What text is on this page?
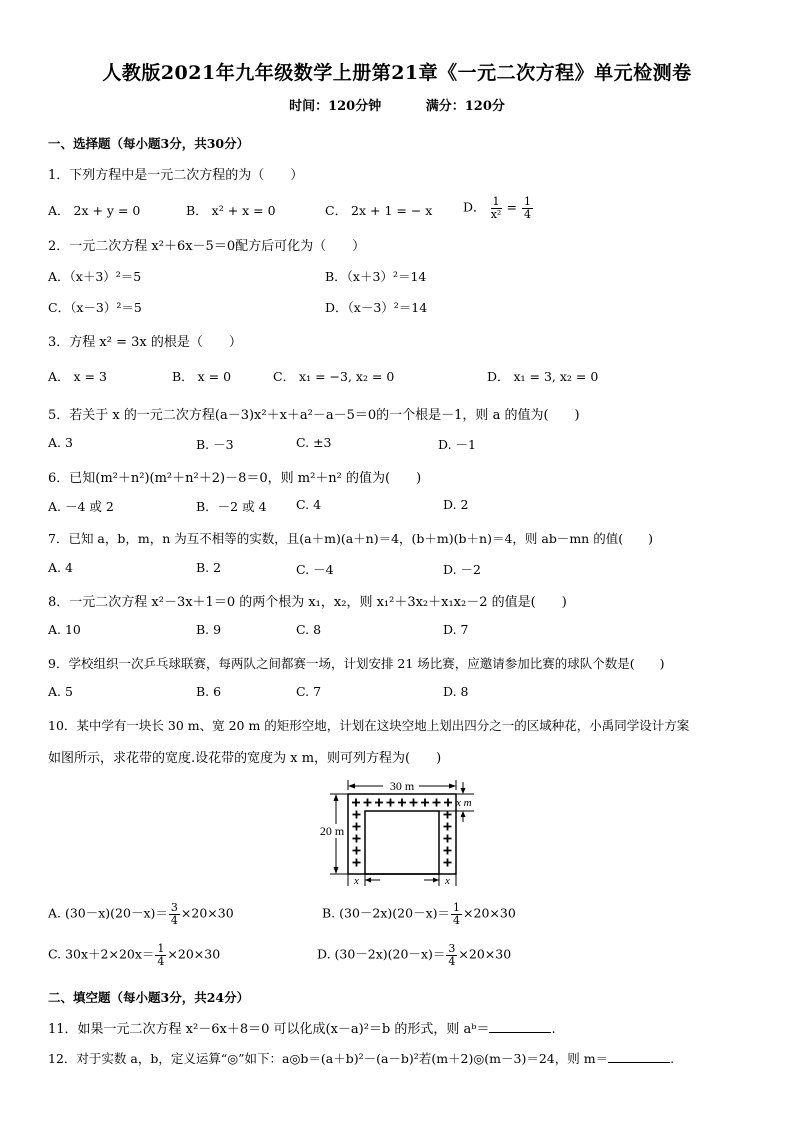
人教版2021年九年级数学上册第21章《一元二次方程》单元检测卷
时间：120分钟	满分：120分
一、选择题（每小题3分，共30分）
1．下列方程中是一元二次方程的为（　　）
A． 2x + y = 0	B． x² + x = 0	C． 2x + 1 = − x D． $\frac{1}{\text{x²}} = \frac{1}{4}$
2．一元二次方程 x²＋6x－5＝0配方后可化为（　　）
A．（x＋3）²＝5	B．（x＋3）²＝14
C．（x－3）²＝5	D．（x－3）²＝14
3．方程 x² = 3x 的根是（　　）
A． x = 3	B． x = 0	C． x₁ = −3, x₂ = 0	D． x₁ = 3, x₂ = 0
5．若关于 x 的一元二次方程(a－3)x²＋x＋a²－a－5＝0的一个根是－1，则 a 的值为(　　)
A. 3	B. －3	C. ±3	D. －1
6．已知(m²＋n²)(m²＋n²＋2)－8＝0，则 m²＋n² 的值为(　　)
A. －4 或 2	B．－2 或 4 C. 4	D. 2
7．已知 a，b，m，n 为互不相等的实数，且(a＋m)(a＋n)＝4，(b＋m)(b＋n)＝4，则 ab－mn 的值(　　)
A. 4	B. 2	C. －4	D. －2
8．一元二次方程 x²－3x＋1＝0 的两个根为 x₁，x₂，则 x₁²＋3x₂＋x₁x₂－2 的值是(　　)
A. 10	B. 9	C. 8	D. 7
9．学校组织一次乒乓球联赛，每两队之间都赛一场，计划安排 21 场比赛，应邀请参加比赛的球队个数是(　　)
A. 5	B. 6	C. 7	D. 8
10．某中学有一块长 30 m、宽 20 m 的矩形空地，计划在这块空地上划出四分之一的区域种花，小禹同学设计方案
如图所示，求花带的宽度.设花带的宽度为 x m，则可列方程为(　　)
30 m
20 m
x m
x	x
A. $(30-x)(20-x)= \frac{3}{4} \times 20\times 30$	B. $(30-2x)(20-x)= \frac{1}{4} \times 20\times 30$
C. $30x+2\times 20x= \frac{1}{4} \times 20\times 30$	D. $(30-2x)(20-x)= \frac{3}{4} \times 20\times 30$
二、填空题（每小题3分，共24分）
11．如果一元二次方程 x²－6x＋8＝0 可以化成(x－a)²＝b 的形式，则 aᵇ＝	.
12．对于实数 a，b，定义运算“◎”如下：a◎b＝(a＋b)²－(a－b)²若(m＋2)◎(m－3)＝24，则 m＝	.
